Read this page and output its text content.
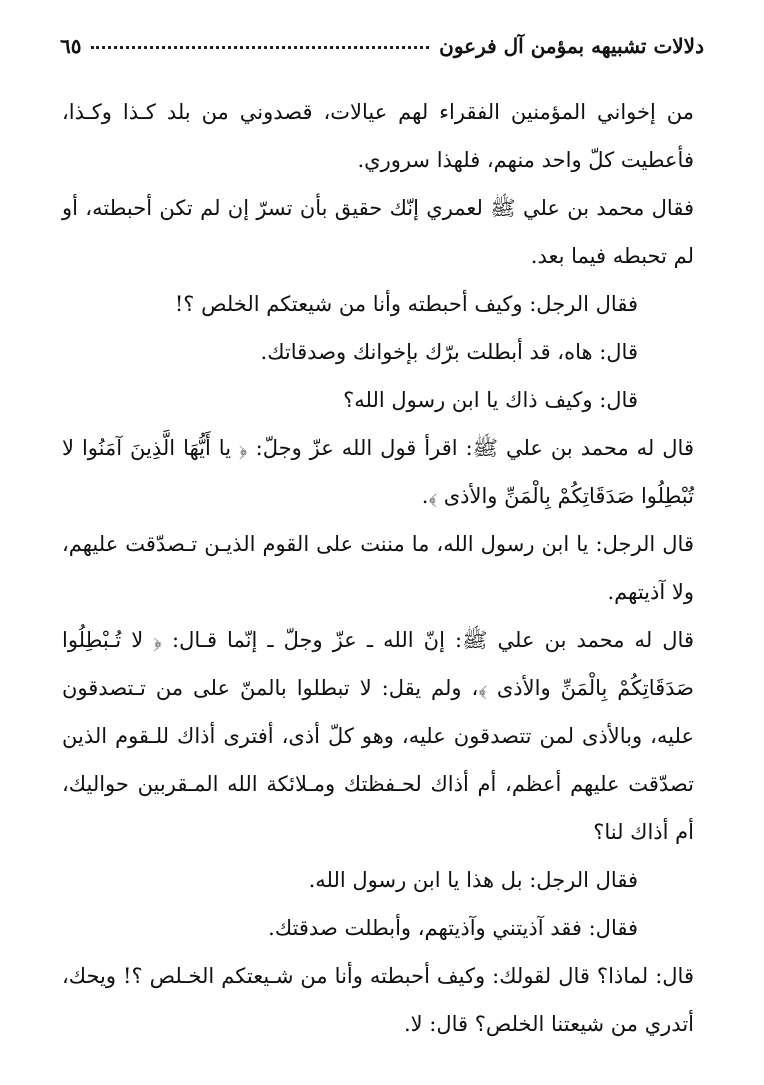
دلالات تشبيهه بمؤمن آل فرعون
٦٥

من إخواني المؤمنين الفقراء لهم عيالات، قصدوني من بلد كـذا وكـذا، فأعطيت كلّ واحد منهم، فلهذا سروري.

فقال محمد بن علي ﷺ لعمري إنّك حقيق بأن تسرّ إن لم تكن أحبطته، أو لم تحبطه فيما بعد.

فقال الرجل: وكيف أحبطته وأنا من شيعتكم الخلص ؟!

قال: هاه، قد أبطلت برّك بإخوانك وصدقاتك.

قال: وكيف ذاك يا ابن رسول الله؟

قال له محمد بن علي ﷺ: اقرأ قول الله عزّ وجلّ: ﴿ يا أَيُّهَا الَّذِينَ آمَنُوا لا تُبْطِلُوا صَدَقَاتِكُمْ بِالْمَنِّ والأذى ﴾.

قال الرجل: يا ابن رسول الله، ما مننت على القوم الذيـن تـصدّقت عليهم، ولا آذيتهم.

قال له محمد بن علي ﷺ: إنّ الله ـ عزّ وجلّ ـ إنّما قـال: ﴿ لا تُـبْطِلُوا صَدَقَاتِكُمْ بِالْمَنِّ والأذى ﴾، ولم يقل: لا تبطلوا بالمنّ على من تـتصدقون عليه، وبالأذى لمن تتصدقون عليه، وهو كلّ أذى، أفترى أذاك للـقوم الذين تصدّقت عليهم أعظم، أم أذاك لحـفظتك ومـلائكة الله المـقربين حواليك، أم أذاك لنا؟

فقال الرجل: بل هذا يا ابن رسول الله.

فقال: فقد آذيتني وآذيتهم، وأبطلت صدقتك.

قال: لماذا؟ قال لقولك: وكيف أحبطته وأنا من شـيعتكم الخـلص ؟! ويحك، أتدري من شيعتنا الخلص؟ قال: لا.
